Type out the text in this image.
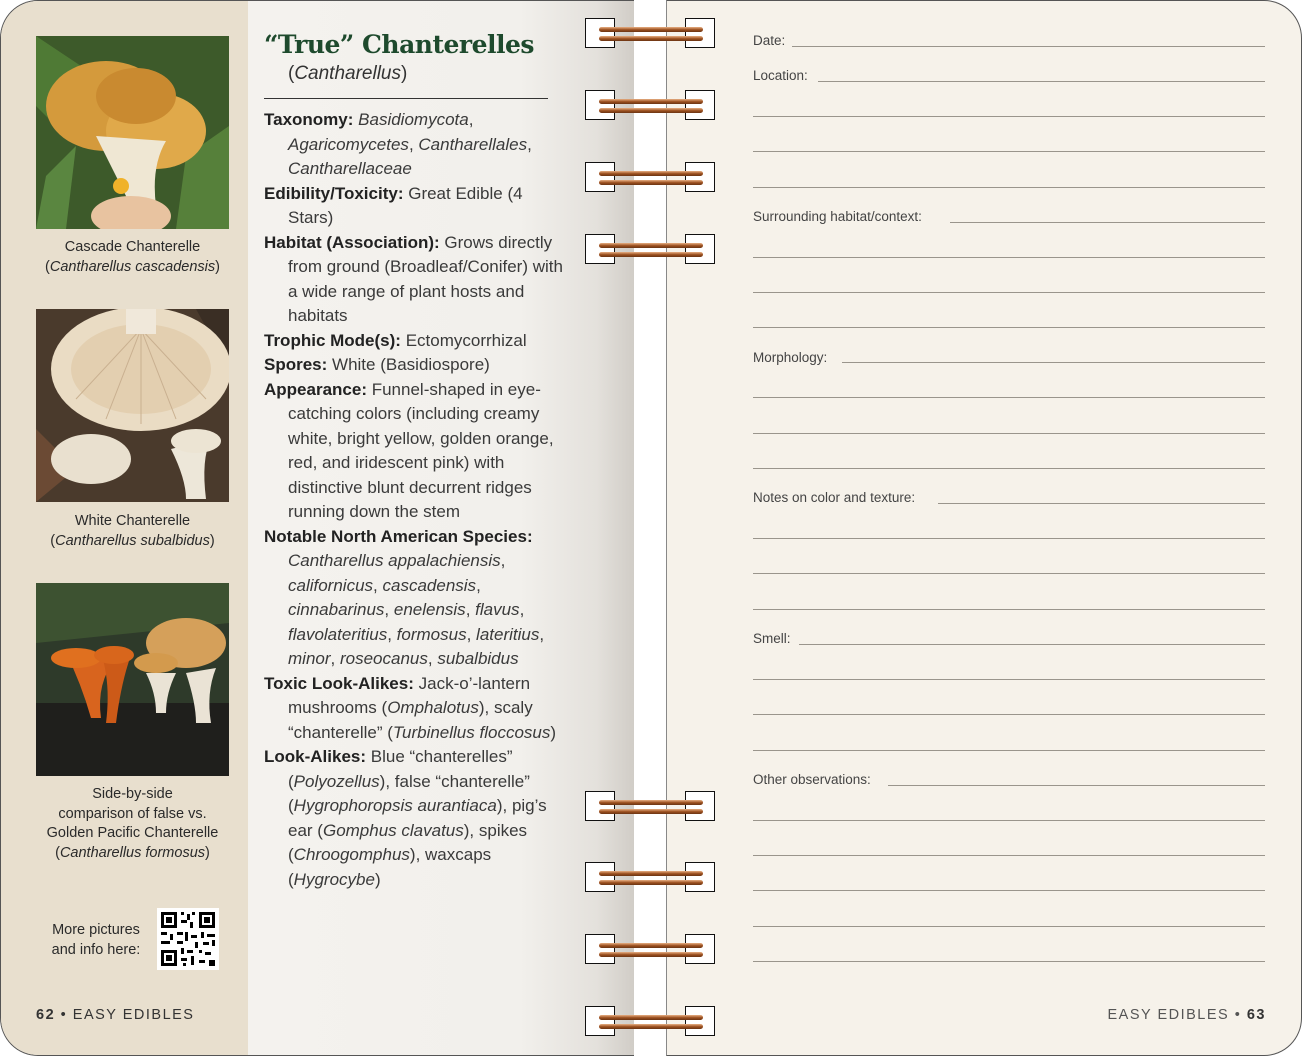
Cascade Chanterelle
(Cantharellus cascadensis)
White Chanterelle
(Cantharellus subalbidus)
Side-by-side
comparison of false vs.
Golden Pacific Chanterelle
(Cantharellus formosus)
More pictures
and info here:
62 • EASY EDIBLES
“True” Chanterelles
(Cantharellus)
Taxonomy: Basidiomycota, Agaricomycetes, Cantharellales, Cantharellaceae
Edibility/Toxicity: Great Edible (4 Stars)
Habitat (Association): Grows directly from ground (Broadleaf/Conifer) with a wide range of plant hosts and habitats
Trophic Mode(s): Ectomycorrhizal
Spores: White (Basidiospore)
Appearance: Funnel-shaped in eye-catching colors (including creamy white, bright yellow, golden orange, red, and iridescent pink) with distinctive blunt decurrent ridges running down the stem
Notable North American Species: Cantharellus appalachiensis, californicus, cascadensis, cinnabarinus, enelensis, flavus, flavolateritius, formosus, lateritius, minor, roseocanus, subalbidus
Toxic Look-Alikes: Jack-o’-lantern mushrooms (Omphalotus), scaly “chanterelle” (Turbinellus floccosus)
Look-Alikes: Blue “chanterelles” (Polyozellus), false “chanterelle” (Hygrophoropsis aurantiaca), pig’s ear (Gomphus clavatus), spikes (Chroogomphus), waxcaps (Hygrocybe)
Date:
Location:
Surrounding habitat/context:
Morphology:
Notes on color and texture:
Smell:
Other observations:
EASY EDIBLES • 63
